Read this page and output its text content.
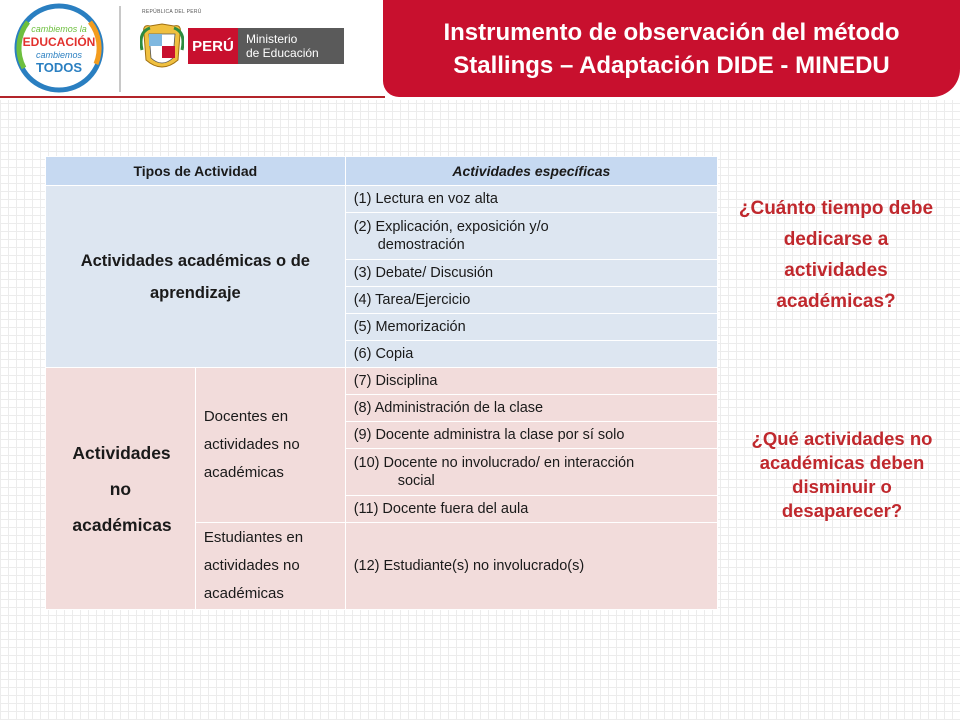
cambiemos la
EDUCACIÓN
cambiemos
TODOS
REPÚBLICA DEL PERÚ
PERÚ	Ministerio
de Educación
Instrumento de observación del método
Stallings – Adaptación DIDE - MINEDU
Tipos de Actividad		Actividades específicas
Actividades académicas o de aprendizaje		(1) Lectura en voz alta
		(2) Explicación, exposición y/o
demostración

		(3) Debate/ Discusión
		(4) Tarea/Ejercicio
		(5) Memorización
		(6) Copia

Actividades no académicas	Docentes en actividades no académicas	(7) Disciplina
		(8) Administración de la clase
		(9) Docente administra la clase por sí solo
		(10) Docente no involucrado/ en interacción
social

		(11) Docente fuera del aula
	Estudiantes en actividades no académicas	(12) Estudiante(s) no involucrado(s)
¿Cuánto tiempo debe dedicarse a actividades académicas?
¿Qué actividades no académicas deben disminuir o desaparecer?
